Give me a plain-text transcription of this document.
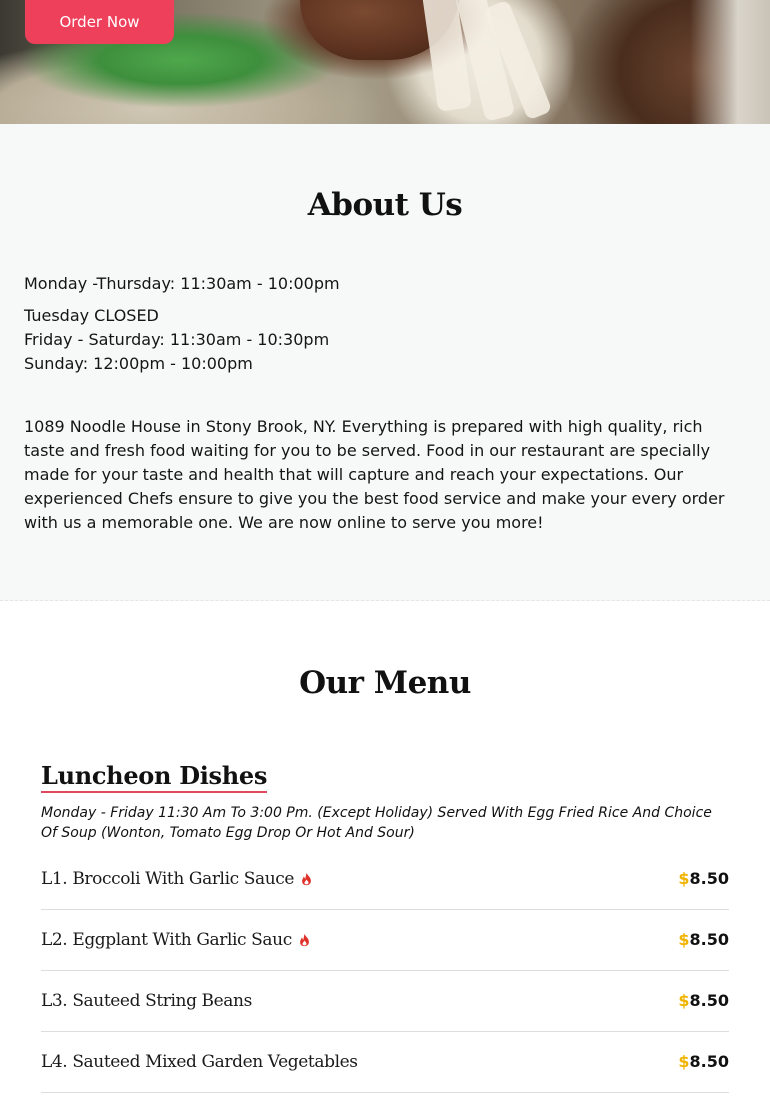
Order Now
About Us
Monday -Thursday: 11:30am - 10:00pm
Tuesday CLOSED
Friday - Saturday: 11:30am - 10:30pm
Sunday: 12:00pm - 10:00pm

1089 Noodle House in Stony Brook, NY. Everything is prepared with high quality, rich taste and fresh food waiting for you to be served. Food in our restaurant are specially made for your taste and health that will capture and reach your expectations. Our experienced Chefs ensure to give you the best food service and make your every order with us a memorable one. We are now online to serve you more!

Our Menu
Luncheon Dishes

Monday - Friday 11:30 Am To 3:00 Pm. (Except Holiday) Served With Egg Fried Rice And Choice Of Soup (Wonton, Tomato Egg Drop Or Hot And Sour)

L1. Broccoli With Garlic Sauce	$8.50
L2. Eggplant With Garlic Sauc	$8.50
L3. Sauteed String Beans	$8.50
L4. Sauteed Mixed Garden Vegetables	$8.50
